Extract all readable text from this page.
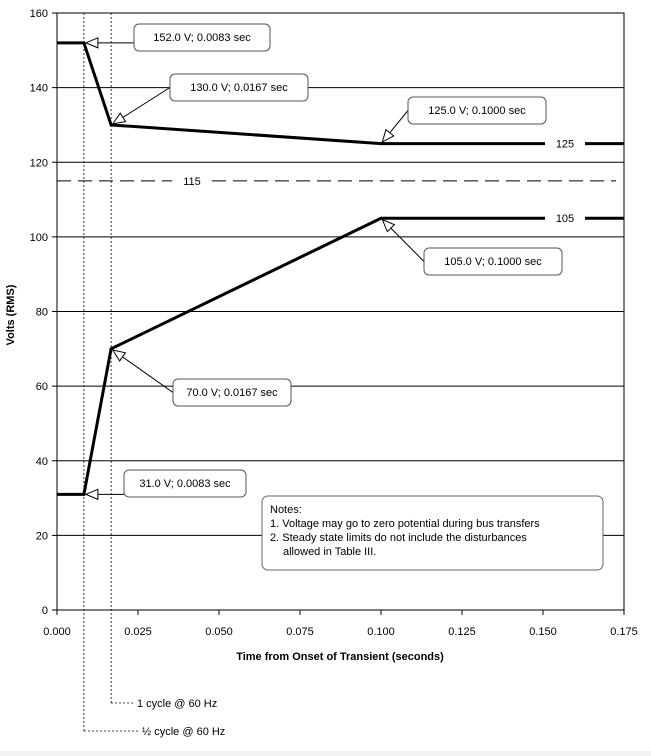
115
1 cycle @ 60 Hz
½ cycle @ 60 Hz
125
105
152.0 V; 0.0083 sec
130.0 V; 0.0167 sec
125.0 V; 0.1000 sec
105.0 V; 0.1000 sec
70.0 V; 0.0167 sec
31.0 V; 0.0083 sec
0
20
40
60
80
100
120
140
160
0.000	0.025	0.050	0.075	0.100	0.125	0.150	0.175
Volts (RMS)
Time from Onset of Transient (seconds)
Notes:
1. Voltage may go to zero potential during bus transfers
2. Steady state limits do not include the disturbances
allowed in Table III.
